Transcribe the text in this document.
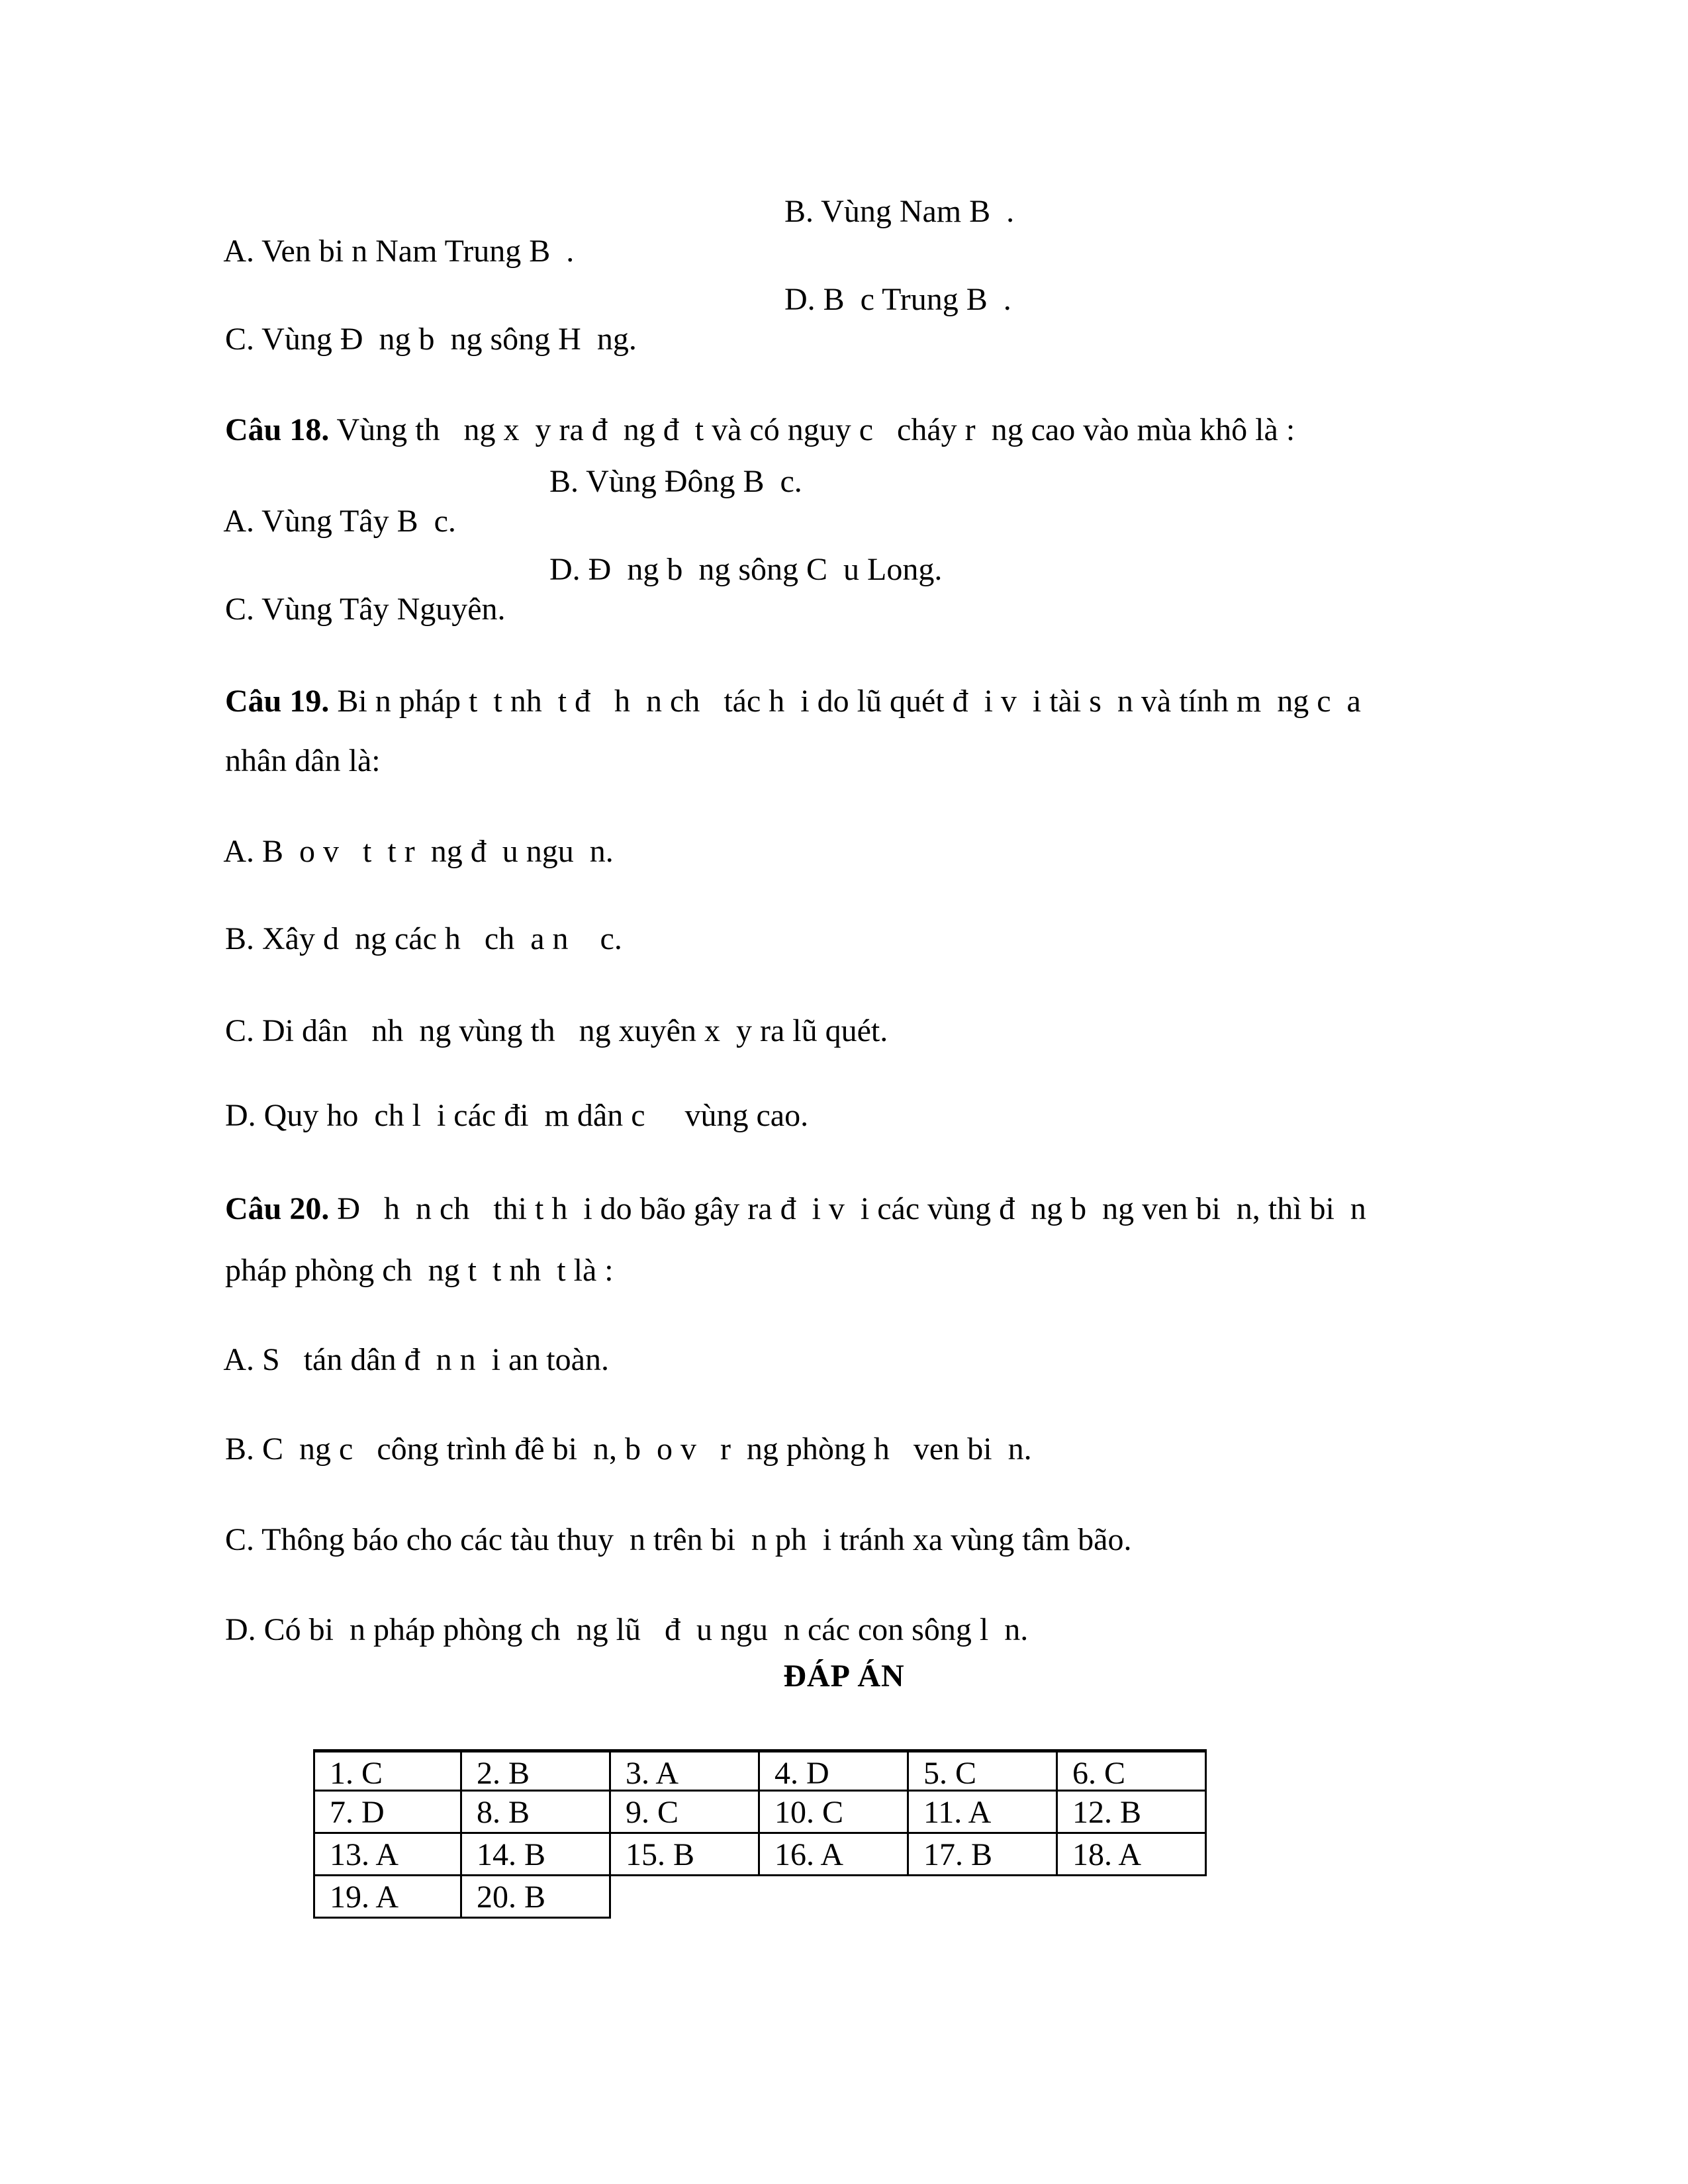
A. Ven bi n Nam Trung B  .

B. Vùng Nam B  .

C. Vùng Đ  ng b  ng sông H  ng.

D. B  c Trung B  .

Câu 18. Vùng th   ng x  y ra đ  ng đ  t và có nguy c   cháy r  ng cao vào mùa khô là :

A. Vùng Tây B  c.

B. Vùng Đông B  c.

C. Vùng Tây Nguyên.

D. Đ  ng b  ng sông C  u Long.

Câu 19. Bi n pháp t  t nh  t đ   h  n ch   tác h  i do lũ quét đ  i v  i tài s  n và tính m  ng c  a

nhân dân là:

A. B  o v   t  t r  ng đ  u ngu  n.

B. Xây d  ng các h   ch  a n    c.

C. Di dân   nh  ng vùng th   ng xuyên x  y ra lũ quét.

D. Quy ho  ch l  i các đi  m dân c     vùng cao.

Câu 20. Đ   h  n ch   thi t h  i do bão gây ra đ  i v  i các vùng đ  ng b  ng ven bi  n, thì bi  n

pháp phòng ch  ng t  t nh  t là :

A. S   tán dân đ  n n  i an toàn.

B. C  ng c   công trình đê bi  n, b  o v   r  ng phòng h   ven bi  n.

C. Thông báo cho các tàu thuy  n trên bi  n ph  i tránh xa vùng tâm bão.

D. Có bi  n pháp phòng ch  ng lũ   đ  u ngu  n các con sông l  n.

ĐÁP ÁN
1. C	2. B	3. A	4. D	5. C	6. C
7. D	8. B	9. C	10. C	11. A	12. B
13. A	14. B	15. B	16. A	17. B	18. A
19. A	20. B
